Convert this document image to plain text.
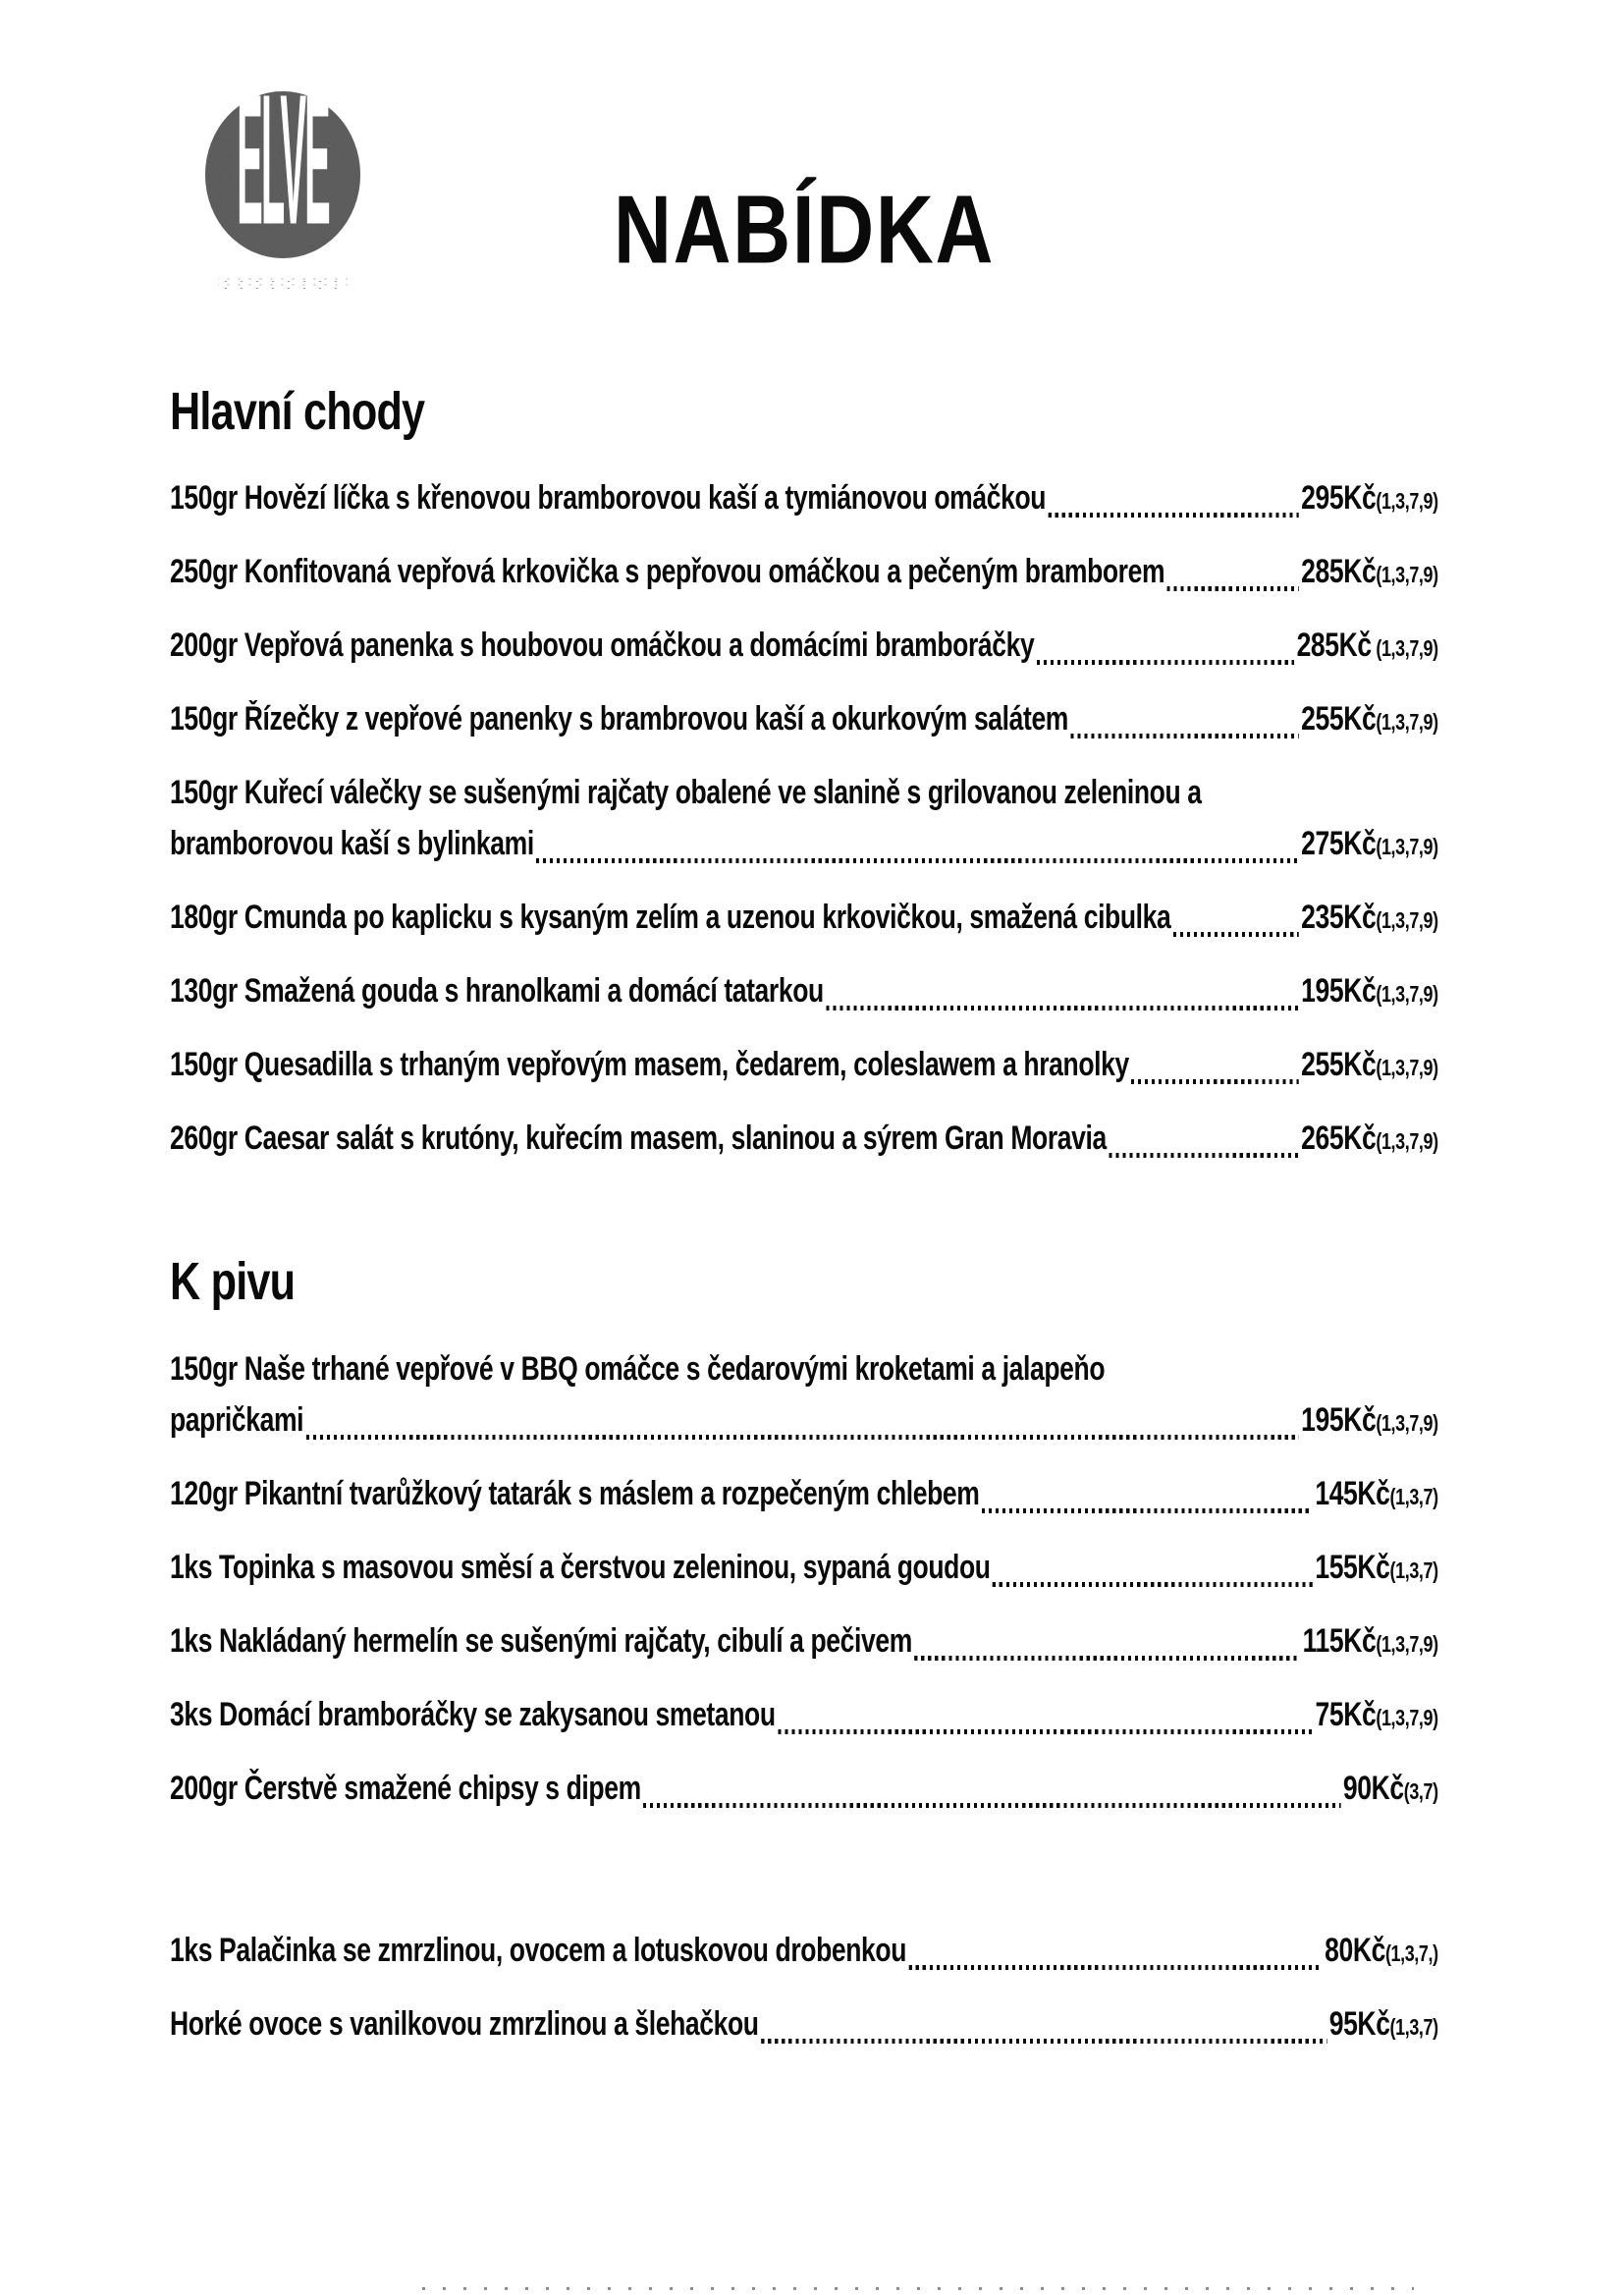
ELVE	NABÍDKA
Hlavní chody
150gr Hovězí líčka s křenovou bramborovou kaší a tymiánovou omáčkou	295Kč (1,3,7,9)
250gr Konfitovaná vepřová krkovička s pepřovou omáčkou a pečeným bramborem	285Kč (1,3,7,9)
200gr Vepřová panenka s houbovou omáčkou a domácími bramboráčky	285Kč (1,3,7,9)
150gr Řízečky z vepřové panenky s brambrovou kaší a okurkovým salátem	255Kč (1,3,7,9)
150gr Kuřecí válečky se sušenými rajčaty obalené ve slanině s grilovanou zeleninou a
bramborovou kaší s bylinkami	275Kč (1,3,7,9)
180gr Cmunda po kaplicku s kysaným zelím a uzenou krkovičkou, smažená cibulka	235Kč (1,3,7,9)
130gr Smažená gouda s hranolkami a domácí tatarkou	195Kč (1,3,7,9)
150gr Quesadilla s trhaným vepřovým masem, čedarem, coleslawem a hranolky	255Kč (1,3,7,9)
260gr Caesar salát s krutóny, kuřecím masem, slaninou a sýrem Gran Moravia	265Kč (1,3,7,9)
K pivu
150gr Naše trhané vepřové v BBQ omáčce s čedarovými kroketami a jalapeňo
papričkami	195Kč (1,3,7,9)
120gr Pikantní tvarůžkový tatarák s máslem a rozpečeným chlebem	145Kč (1,3,7)
1ks Topinka s masovou směsí a čerstvou zeleninou, sypaná goudou	155Kč (1,3,7)
1ks Nakládaný hermelín se sušenými rajčaty, cibulí a pečivem	115Kč (1,3,7,9)
3ks Domácí bramboráčky se zakysanou smetanou	75Kč (1,3,7,9)
200gr Čerstvě smažené chipsy s dipem	90Kč (3,7)
1ks Palačinka se zmrzlinou, ovocem a lotuskovou drobenkou	80Kč (1,3,7,)
Horké ovoce s vanilkovou zmrzlinou a šlehačkou	95Kč (1,3,7)
